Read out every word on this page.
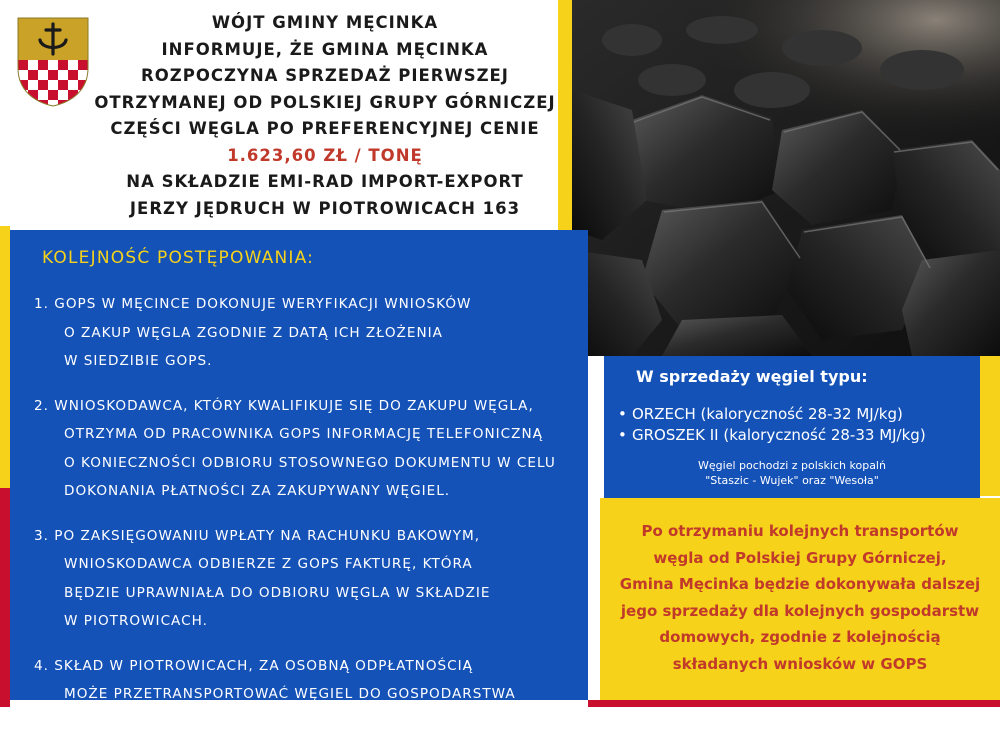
WÓJT GMINY MĘCINKA
INFORMUJE, ŻE GMINA MĘCINKA
ROZPOCZYNA SPRZEDAŻ PIERWSZEJ
OTRZYMANEJ OD POLSKIEJ GRUPY GÓRNICZEJ
CZĘŚCI WĘGLA PO PREFERENCYJNEJ CENIE
1.623,60 ZŁ / TONĘ
NA SKŁADZIE EMI-RAD IMPORT-EXPORT
JERZY JĘDRUCH W PIOTROWICACH 163
KOLEJNOŚĆ POSTĘPOWANIA:
1. GOPS W MĘCINCE DOKONUJE WERYFIKACJI WNIOSKÓW
O ZAKUP WĘGLA ZGODNIE Z DATĄ ICH ZŁOŻENIA
W SIEDZIBIE GOPS.
2. WNIOSKODAWCA, KTÓRY KWALIFIKUJE SIĘ DO ZAKUPU WĘGLA,
OTRZYMA OD PRACOWNIKA GOPS INFORMACJĘ TELEFONICZNĄ
O KONIECZNOŚCI ODBIORU STOSOWNEGO DOKUMENTU W CELU
DOKONANIA PŁATNOŚCI ZA ZAKUPYWANY WĘGIEL.
3. PO ZAKSIĘGOWANIU WPŁATY NA RACHUNKU BAKOWYM,
WNIOSKODAWCA ODBIERZE Z GOPS FAKTURĘ, KTÓRA
BĘDZIE UPRAWNIAŁA DO ODBIORU WĘGLA W SKŁADZIE
W PIOTROWICACH.
4. SKŁAD W PIOTROWICACH, ZA OSOBNĄ ODPŁATNOŚCIĄ
MOŻE PRZETRANSPORTOWAĆ WĘGIEL DO GOSPODARSTWA
DOMOWEGO.
W sprzedaży węgiel typu:
• ORZECH (kaloryczność 28-32 MJ/kg)
• GROSZEK II (kaloryczność 28-33 MJ/kg)
Węgiel pochodzi z polskich kopalń
"Staszic - Wujek" oraz "Wesoła"
Po otrzymaniu kolejnych transportów
węgla od Polskiej Grupy Górniczej,
Gmina Męcinka będzie dokonywała dalszej
jego sprzedaży dla kolejnych gospodarstw
domowych, zgodnie z kolejnością
składanych wniosków w GOPS
